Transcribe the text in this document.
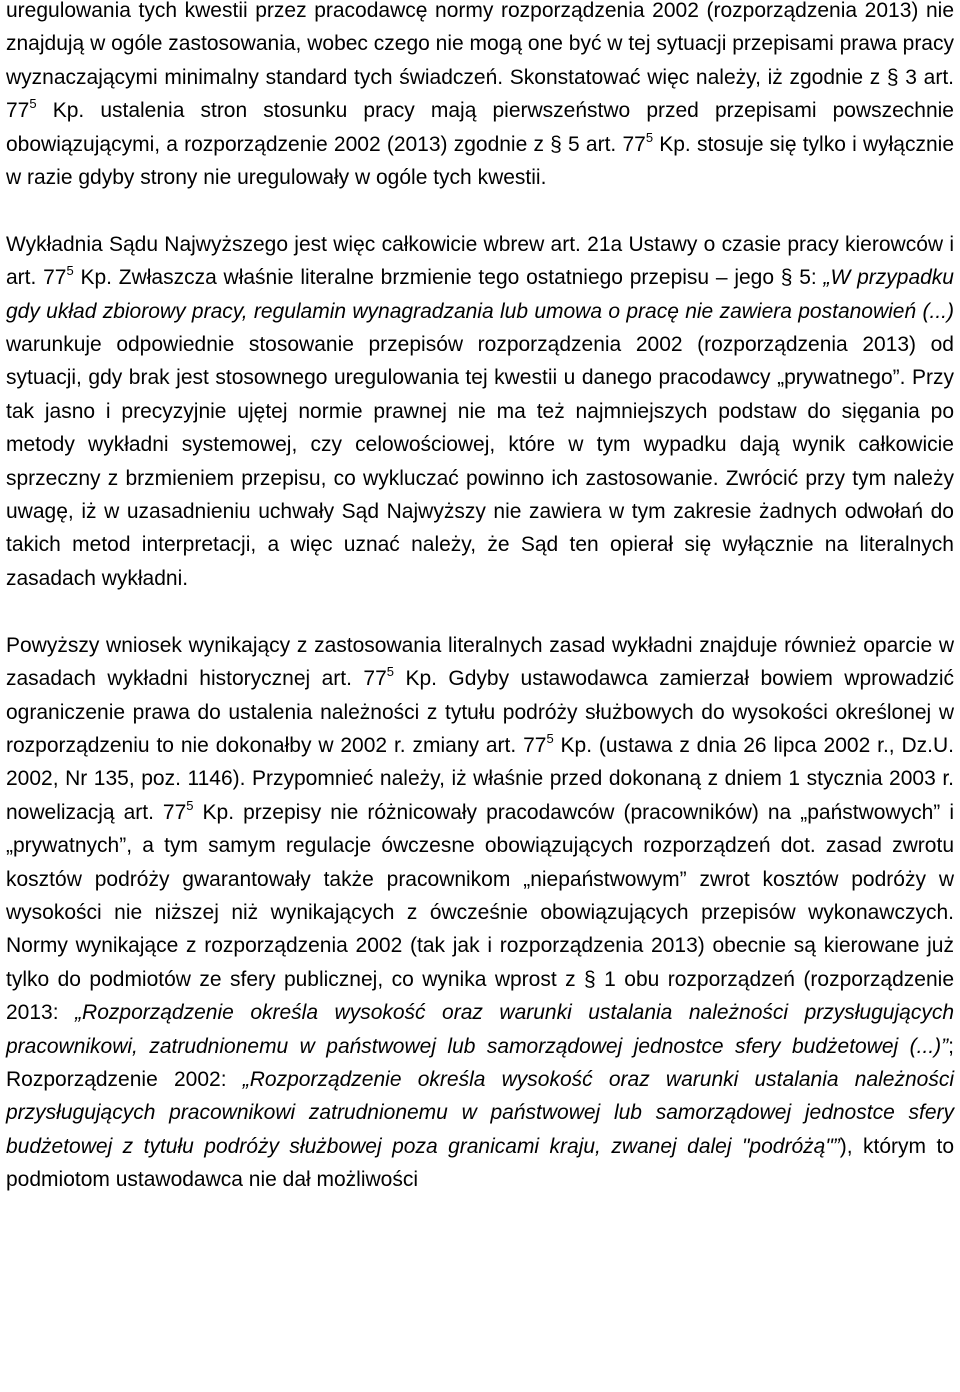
uregulowania tych kwestii przez pracodawcę normy rozporządzenia 2002 (rozporządzenia 2013) nie znajdują w ogóle zastosowania, wobec czego nie mogą one być w tej sytuacji przepisami prawa pracy wyznaczającymi minimalny standard tych świadczeń. Skonstatować więc należy, iż zgodnie z § 3 art. $77^5$ Kp. ustalenia stron stosunku pracy mają pierwszeństwo przed przepisami powszechnie obowiązującymi, a rozporządzenie 2002 (2013) zgodnie z § 5 art. $77^5$ Kp. stosuje się tylko i wyłącznie w razie gdyby strony nie uregulowały w ogóle tych kwestii.

Wykładnia Sądu Najwyższego jest więc całkowicie wbrew art. 21a Ustawy o czasie pracy kierowców i art. $77^5$ Kp. Zwłaszcza właśnie literalne brzmienie tego ostatniego przepisu – jego § 5: „W przypadku gdy układ zbiorowy pracy, regulamin wynagradzania lub umowa o pracę nie zawiera postanowień (...) warunkuje odpowiednie stosowanie przepisów rozporządzenia 2002 (rozporządzenia 2013) od sytuacji, gdy brak jest stosownego uregulowania tej kwestii u danego pracodawcy „prywatnego”. Przy tak jasno i precyzyjnie ujętej normie prawnej nie ma też najmniejszych podstaw do sięgania po metody wykładni systemowej, czy celowościowej, które w tym wypadku dają wynik całkowicie sprzeczny z brzmieniem przepisu, co wykluczać powinno ich zastosowanie. Zwrócić przy tym należy uwagę, iż w uzasadnieniu uchwały Sąd Najwyższy nie zawiera w tym zakresie żadnych odwołań do takich metod interpretacji, a więc uznać należy, że Sąd ten opierał się wyłącznie na literalnych zasadach wykładni.

Powyższy wniosek wynikający z zastosowania literalnych zasad wykładni znajduje również oparcie w zasadach wykładni historycznej art. $77^5$ Kp. Gdyby ustawodawca zamierzał bowiem wprowadzić ograniczenie prawa do ustalenia należności z tytułu podróży służbowych do wysokości określonej w rozporządzeniu to nie dokonałby w 2002 r. zmiany art. $77^5$ Kp. (ustawa z dnia 26 lipca 2002 r., Dz.U. 2002, Nr 135, poz. 1146). Przypomnieć należy, iż właśnie przed dokonaną z dniem 1 stycznia 2003 r. nowelizacją art. $77^5$ Kp. przepisy nie różnicowały pracodawców (pracowników) na „państwowych” i „prywatnych”, a tym samym regulacje ówczesne obowiązujących rozporządzeń dot. zasad zwrotu kosztów podróży gwarantowały także pracownikom „niepaństwowym” zwrot kosztów podróży w wysokości nie niższej niż wynikających z ówcześnie obowiązujących przepisów wykonawczych. Normy wynikające z rozporządzenia 2002 (tak jak i rozporządzenia 2013) obecnie są kierowane już tylko do podmiotów ze sfery publicznej, co wynika wprost z § 1 obu rozporządzeń (rozporządzenie 2013: „Rozporządzenie określa wysokość oraz warunki ustalania należności przysługujących pracownikowi, zatrudnionemu w państwowej lub samorządowej jednostce sfery budżetowej (...)”; Rozporządzenie 2002: „Rozporządzenie określa wysokość oraz warunki ustalania należności przysługujących pracownikowi zatrudnionemu w państwowej lub samorządowej jednostce sfery budżetowej z tytułu podróży służbowej poza granicami kraju, zwanej dalej "podróżą"”), którym to podmiotom ustawodawca nie dał możliwości
